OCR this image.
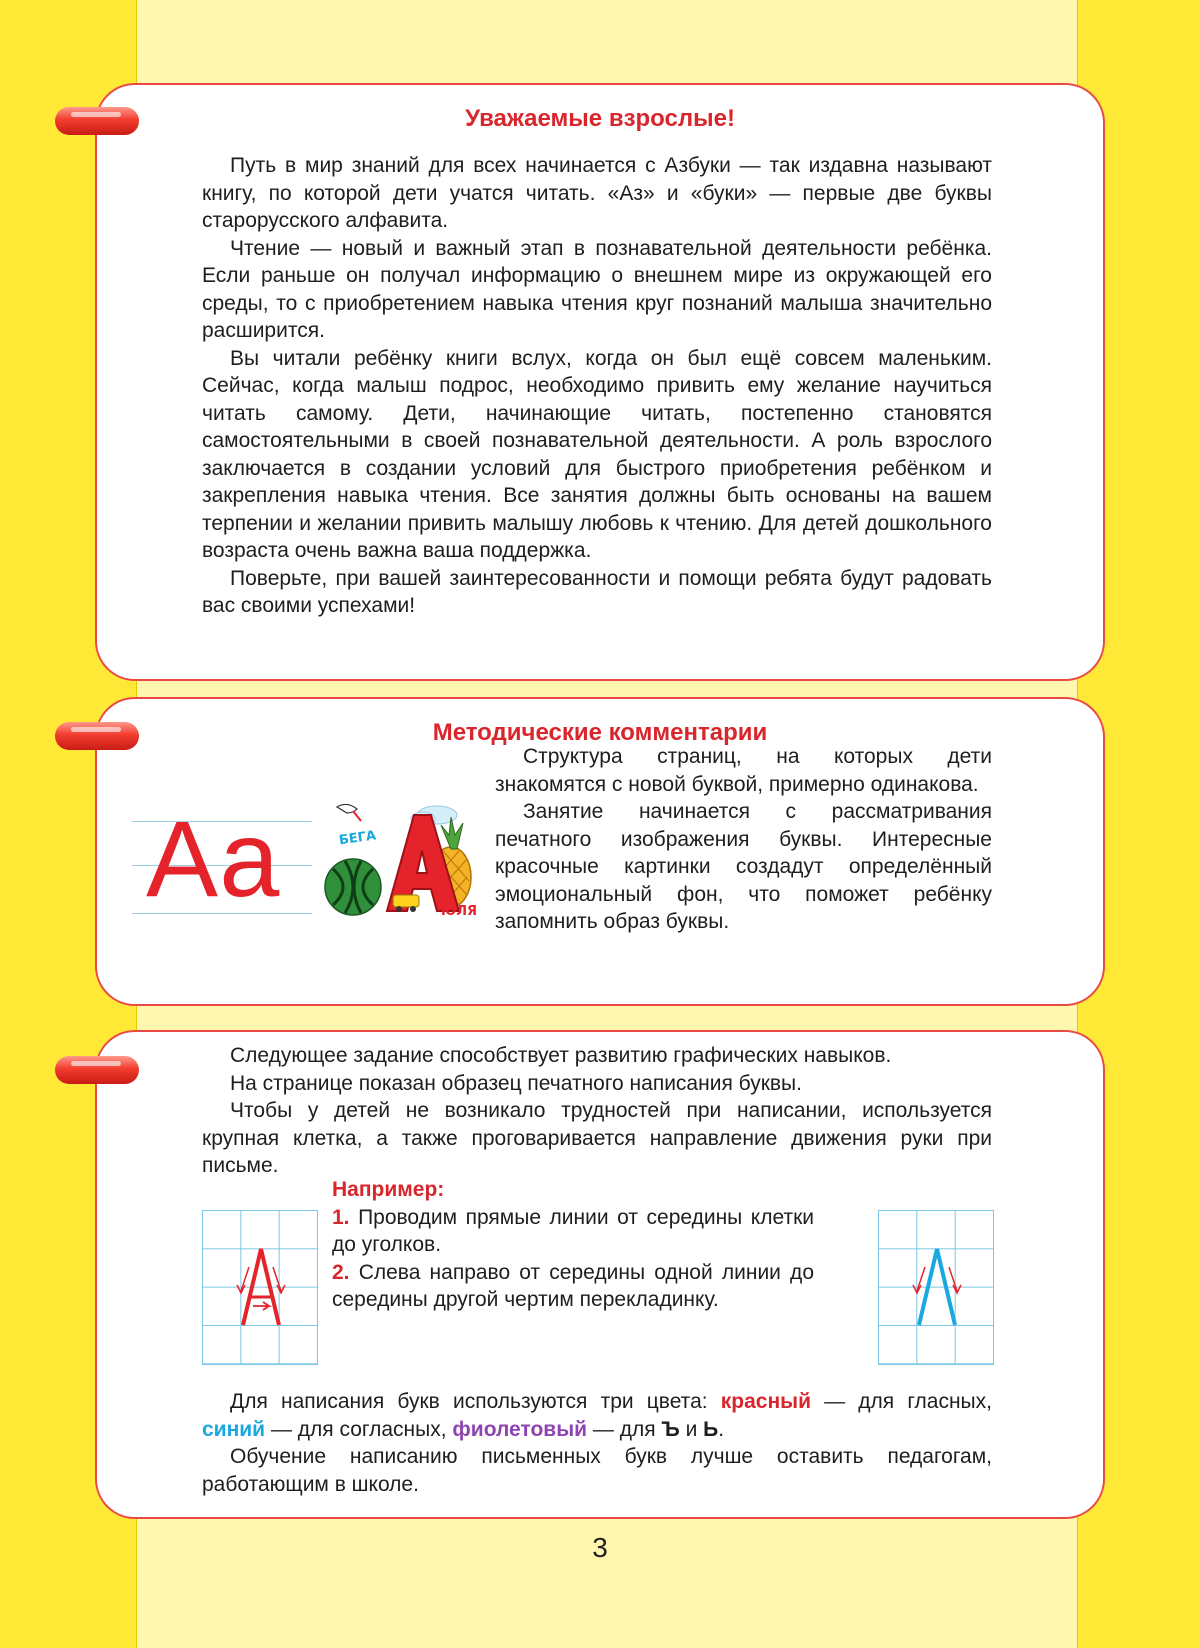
Уважаемые взрослые!

Путь в мир знаний для всех начинается с Азбуки — так издавна называют книгу, по которой дети учатся читать. «Аз» и «буки» — первые две буквы старорусского алфавита.

Чтение — новый и важный этап в познавательной деятельности ребёнка. Если раньше он получал информацию о внешнем мире из окружающей его среды, то с приобретением навыка чтения круг познаний малыша значительно расширится.

Вы читали ребёнку книги вслух, когда он был ещё совсем маленьким. Сейчас, когда малыш подрос, необходимо привить ему желание научиться читать самому. Дети, начинающие читать, постепенно становятся самостоятельными в своей познавательной деятельности. А роль взрослого заключается в создании условий для быстрого приобретения ребёнком и закрепления навыка чтения. Все занятия должны быть основаны на вашем терпении и желании привить малышу любовь к чтению. Для детей дошкольного возраста очень важна ваша поддержка.

Поверьте, при вашей заинтересованности и помощи ребята будут радовать вас своими успехами!

Методические комментарии
Аа	БЕГА
ЮЛЯ

Структура страниц, на которых дети знакомятся с новой буквой, примерно одинакова.

Занятие начинается с рассматривания печатного изображения буквы. Интересные красочные картинки создадут определённый эмоциональный фон, что поможет ребёнку запомнить образ буквы.

Следующее задание способствует развитию графических навыков.

На странице показан образец печатного написания буквы.

Чтобы у детей не возникало трудностей при написании, используется крупная клетка, а также проговаривается направление движения руки при письме.

Например:
1. Проводим прямые линии от середины клетки до уголков.
2. Слева направо от середины одной линии до середины другой чертим перекладинку.

Для написания букв используются три цвета: красный — для гласных, синий — для согласных, фиолетовый — для Ъ и Ь.

Обучение написанию письменных букв лучше оставить педагогам, работающим в школе.

3
